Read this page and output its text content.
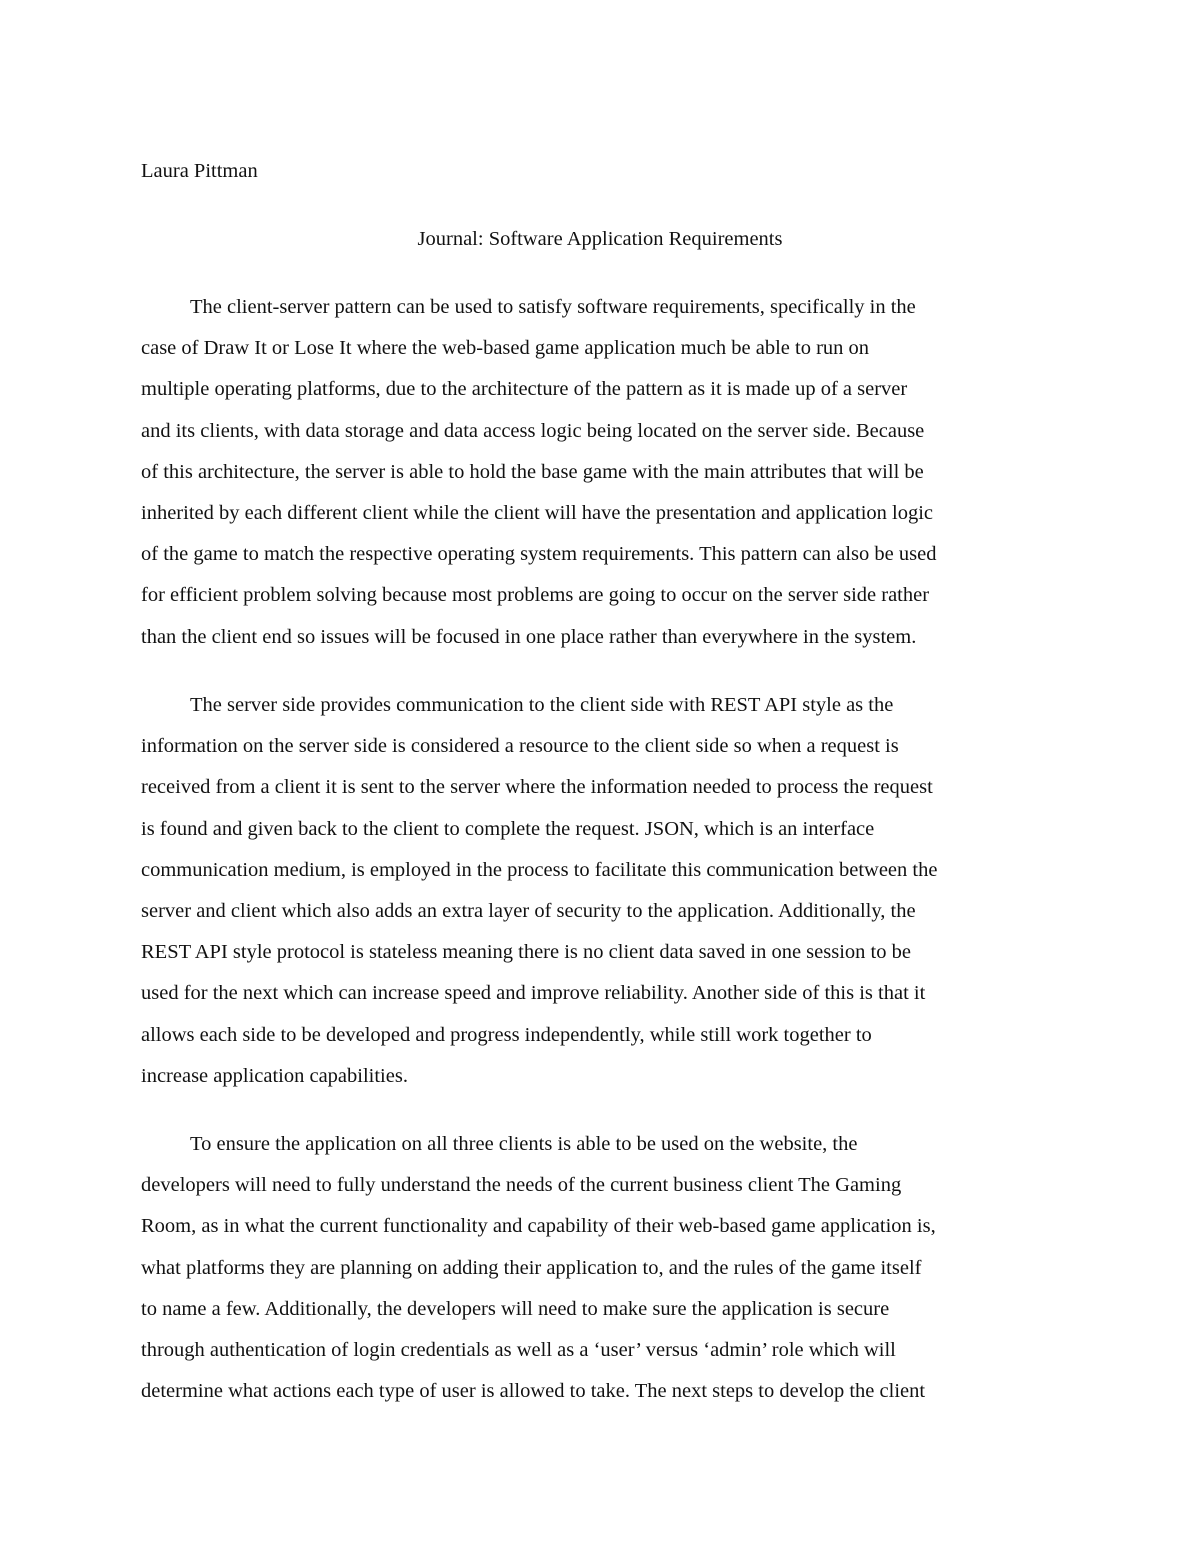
Laura Pittman
Journal: Software Application Requirements
The client-server pattern can be used to satisfy software requirements, specifically in the
case of Draw It or Lose It where the web-based game application much be able to run on
multiple operating platforms, due to the architecture of the pattern as it is made up of a server
and its clients, with data storage and data access logic being located on the server side. Because
of this architecture, the server is able to hold the base game with the main attributes that will be
inherited by each different client while the client will have the presentation and application logic
of the game to match the respective operating system requirements. This pattern can also be used
for efficient problem solving because most problems are going to occur on the server side rather
than the client end so issues will be focused in one place rather than everywhere in the system.
The server side provides communication to the client side with REST API style as the
information on the server side is considered a resource to the client side so when a request is
received from a client it is sent to the server where the information needed to process the request
is found and given back to the client to complete the request. JSON, which is an interface
communication medium, is employed in the process to facilitate this communication between the
server and client which also adds an extra layer of security to the application. Additionally, the
REST API style protocol is stateless meaning there is no client data saved in one session to be
used for the next which can increase speed and improve reliability. Another side of this is that it
allows each side to be developed and progress independently, while still work together to
increase application capabilities.
To ensure the application on all three clients is able to be used on the website, the
developers will need to fully understand the needs of the current business client The Gaming
Room, as in what the current functionality and capability of their web-based game application is,
what platforms they are planning on adding their application to, and the rules of the game itself
to name a few. Additionally, the developers will need to make sure the application is secure
through authentication of login credentials as well as a ‘user’ versus ‘admin’ role which will
determine what actions each type of user is allowed to take. The next steps to develop the client
